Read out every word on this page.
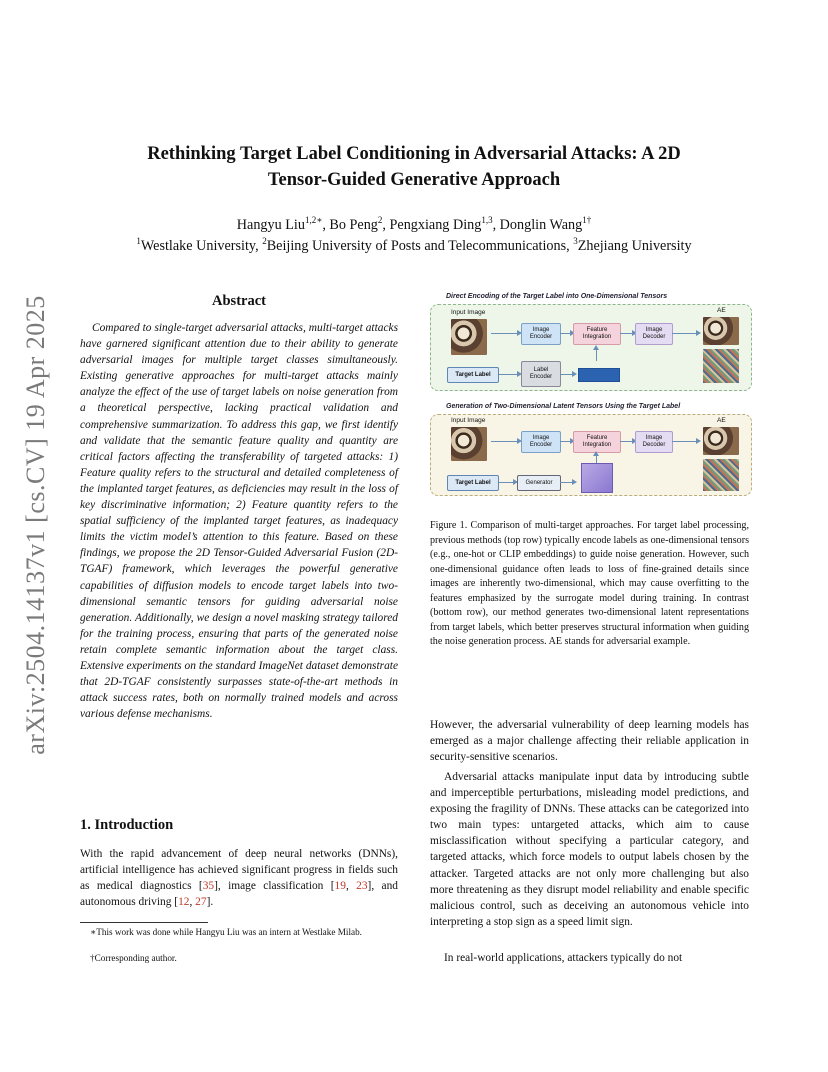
arXiv:2504.14137v1 [cs.CV] 19 Apr 2025
Rethinking Target Label Conditioning in Adversarial Attacks: A 2D
Tensor-Guided Generative Approach
Hangyu Liu$^{1,2∗}$, Bo Peng$^2$, Pengxiang Ding$^{1,3}$, Donglin Wang$^{1\dagger}$
$^1$Westlake University, $^2$Beijing University of Posts and Telecommunications, $^3$Zhejiang University
Abstract
Compared to single-target adversarial attacks, multi-target attacks have garnered significant attention due to their ability to generate adversarial images for multiple target classes simultaneously. Existing generative approaches for multi-target attacks mainly analyze the effect of the use of target labels on noise generation from a theoretical perspective, lacking practical validation and comprehensive summarization. To address this gap, we first identify and validate that the semantic feature quality and quantity are critical factors affecting the transferability of targeted attacks: 1) Feature quality refers to the structural and detailed completeness of the implanted target features, as deficiencies may result in the loss of key discriminative information; 2) Feature quantity refers to the spatial sufficiency of the implanted target features, as inadequacy limits the victim model’s attention to this feature. Based on these findings, we propose the 2D Tensor-Guided Adversarial Fusion (2D-TGAF) framework, which leverages the powerful generative capabilities of diffusion models to encode target labels into two-dimensional semantic tensors for guiding adversarial noise generation. Additionally, we design a novel masking strategy tailored for the training process, ensuring that parts of the generated noise retain complete semantic information about the target class. Extensive experiments on the standard ImageNet dataset demonstrate that 2D-TGAF consistently surpasses state-of-the-art methods in attack success rates, both on normally trained models and across various defense mechanisms.
1. Introduction
With the rapid advancement of deep neural networks (DNNs), artificial intelligence has achieved significant progress in fields such as medical diagnostics [35], image classification [19, 23], and autonomous driving [12, 27].
∗This work was done while Hangyu Liu was an intern at Westlake Milab.
†Corresponding author.
Direct Encoding of the Target Label into One-Dimensional Tensors
Input Image
Image Encoder
Feature Integration
Image Decoder
AE
Target Label
Label Encoder
Generation of Two-Dimensional Latent Tensors Using the Target Label
Input Image
Image Encoder
Feature Integration
Image Decoder
AE
Target Label	Generator
Figure 1. Comparison of multi-target approaches. For target label processing, previous methods (top row) typically encode labels as one-dimensional tensors (e.g., one-hot or CLIP embeddings) to guide noise generation. However, such one-dimensional guidance often leads to loss of fine-grained details since images are inherently two-dimensional, which may cause overfitting to the features emphasized by the surrogate model during training. In contrast (bottom row), our method generates two-dimensional latent representations from target labels, which better preserves structural information when guiding the noise generation process. AE stands for adversarial example.
However, the adversarial vulnerability of deep learning models has emerged as a major challenge affecting their reliable application in security-sensitive scenarios.
Adversarial attacks manipulate input data by introducing subtle and imperceptible perturbations, misleading model predictions, and exposing the fragility of DNNs. These attacks can be categorized into two main types: untargeted attacks, which aim to cause misclassification without specifying a particular category, and targeted attacks, which force models to output labels chosen by the attacker. Targeted attacks are not only more challenging but also more threatening as they disrupt model reliability and enable specific malicious control, such as deceiving an autonomous vehicle into interpreting a stop sign as a speed limit sign.
In real-world applications, attackers typically do not
